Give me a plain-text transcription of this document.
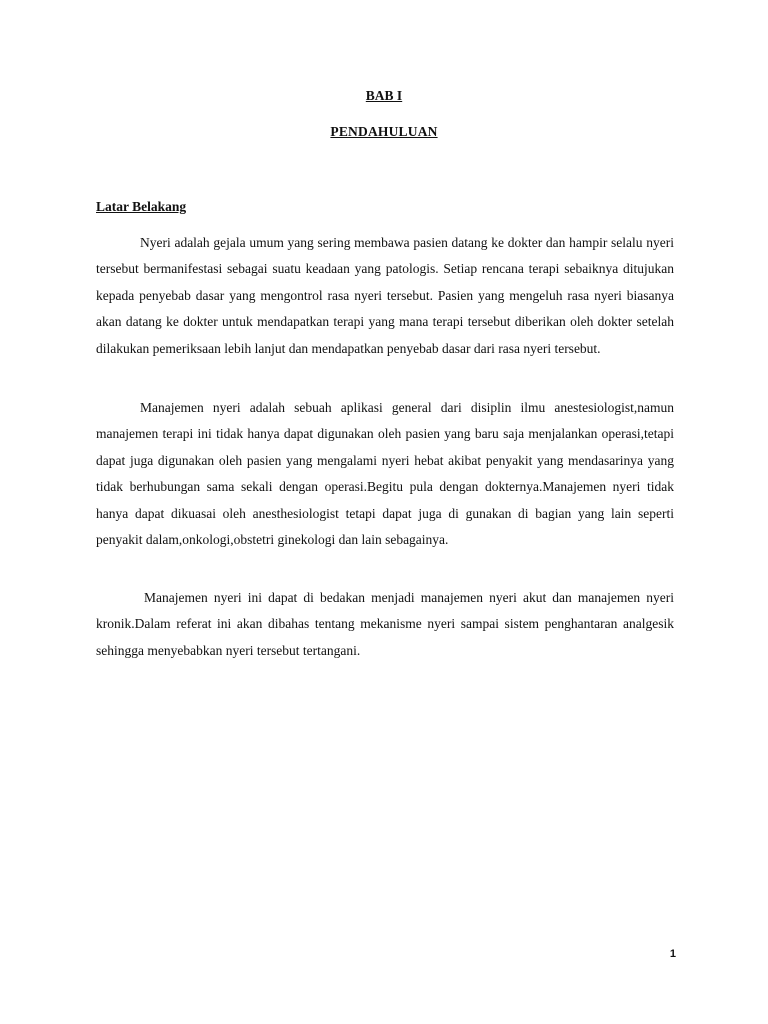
BAB I

PENDAHULUAN

Latar Belakang

Nyeri adalah gejala umum yang sering membawa pasien datang ke dokter dan hampir selalu nyeri tersebut bermanifestasi sebagai suatu keadaan yang patologis. Setiap rencana terapi sebaiknya ditujukan kepada penyebab dasar yang mengontrol rasa nyeri tersebut. Pasien yang mengeluh rasa nyeri biasanya akan datang ke dokter untuk mendapatkan terapi yang mana terapi tersebut diberikan oleh dokter setelah dilakukan pemeriksaan lebih lanjut dan mendapatkan penyebab dasar dari rasa nyeri tersebut.

Manajemen nyeri adalah sebuah aplikasi general dari disiplin ilmu anestesiologist,namun manajemen terapi ini tidak hanya dapat digunakan oleh pasien yang baru saja menjalankan operasi,tetapi dapat juga digunakan oleh pasien yang mengalami nyeri hebat akibat penyakit yang mendasarinya yang tidak berhubungan sama sekali dengan operasi.Begitu pula dengan dokternya.Manajemen nyeri tidak hanya dapat dikuasai oleh anesthesiologist tetapi dapat juga di gunakan di bagian yang lain seperti penyakit dalam,onkologi,obstetri ginekologi dan lain sebagainya.

Manajemen nyeri ini dapat di bedakan menjadi manajemen nyeri akut dan manajemen nyeri kronik.Dalam referat ini akan dibahas tentang mekanisme nyeri sampai sistem penghantaran analgesik sehingga menyebabkan nyeri tersebut tertangani.

1
